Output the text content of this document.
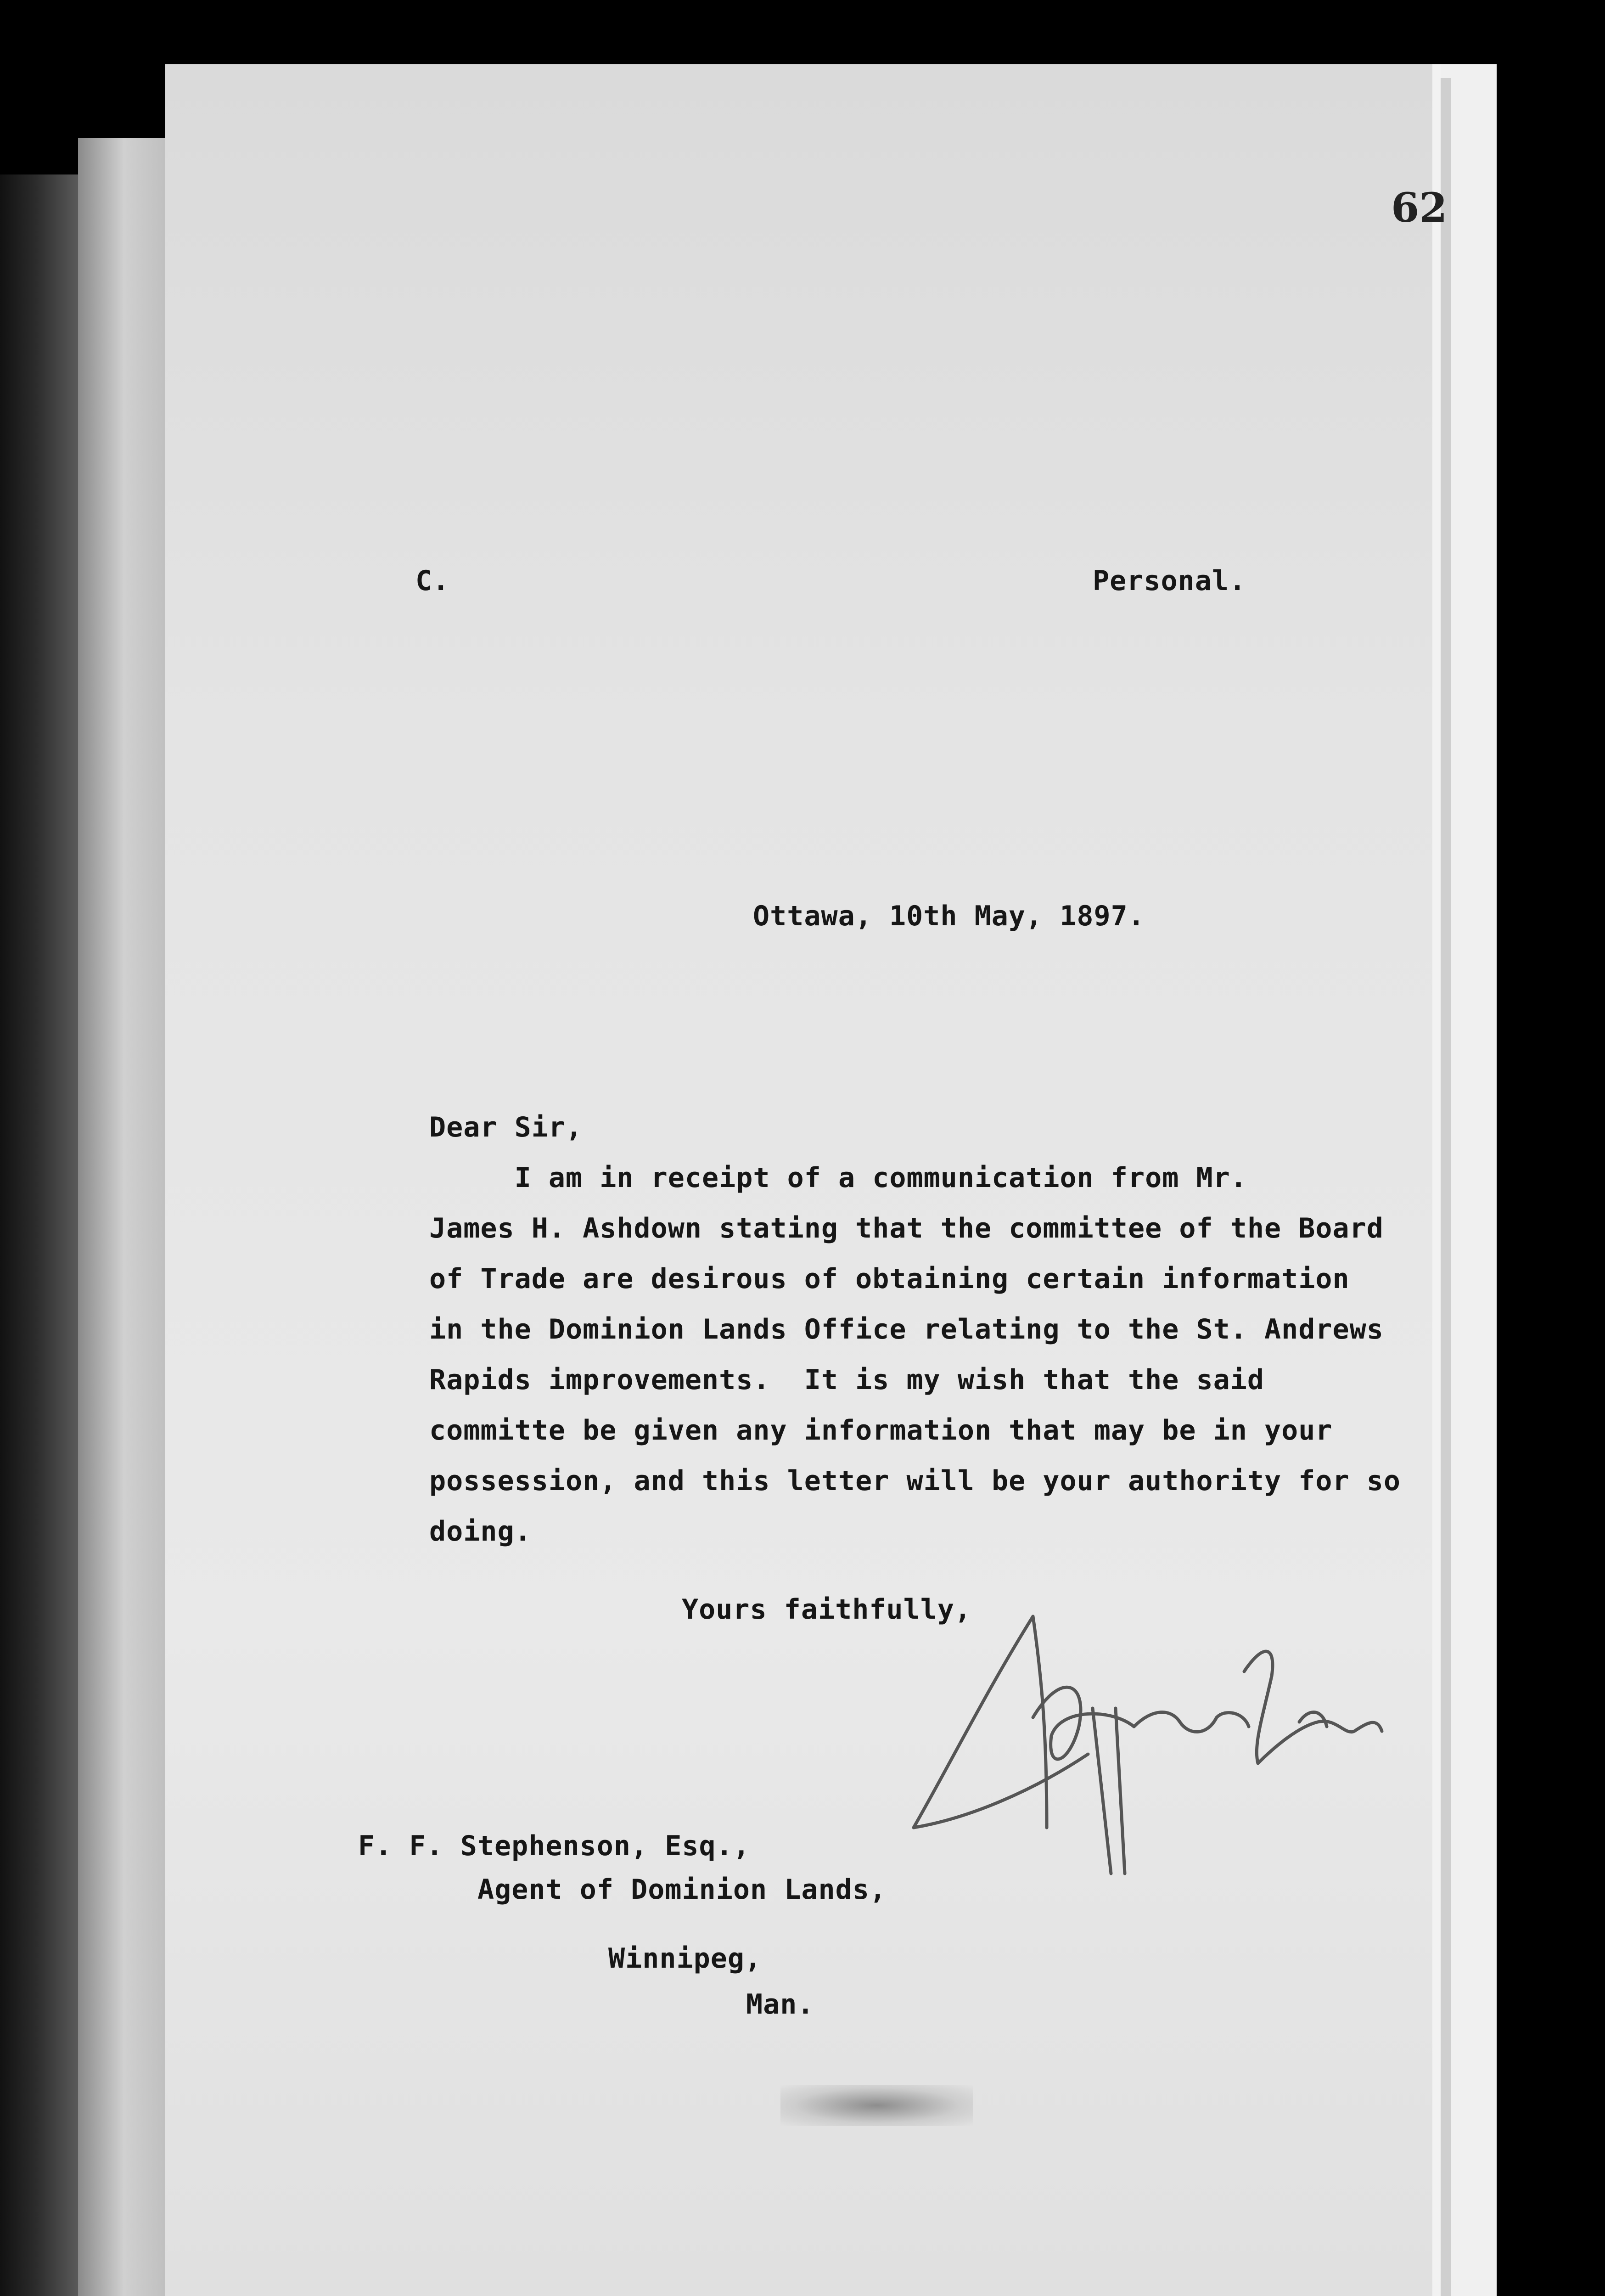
62
C.	Personal.
Ottawa, 10th May, 1897.
Dear Sir,
I am in receipt of a communication from Mr.
James H. Ashdown stating that the committee of the Board
of Trade are desirous of obtaining certain information
in the Dominion Lands Office relating to the St. Andrews
Rapids improvements.  It is my wish that the said
committe be given any information that may be in your
possession, and this letter will be your authority for so
doing.
Yours faithfully,
F. F. Stephenson, Esq.,
Agent of Dominion Lands,
Winnipeg,
Man.
